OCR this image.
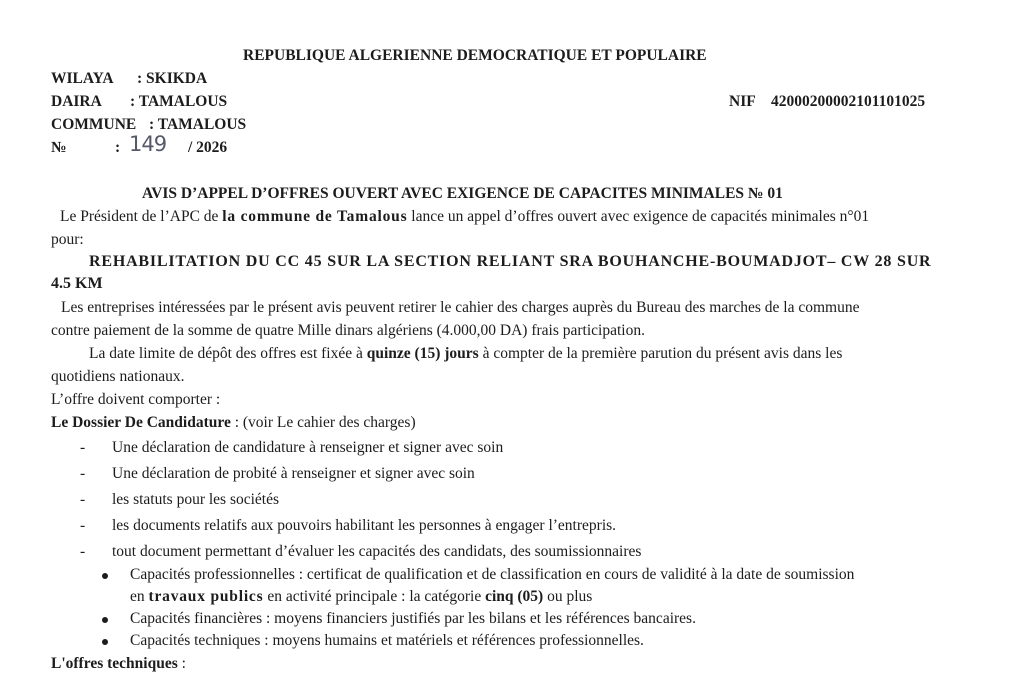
REPUBLIQUE ALGERIENNE DEMOCRATIQUE ET POPULAIRE
WILAYA : SKIKDA
DAIRA : TAMALOUS
COMMUNE : TAMALOUS
№	: 149 / 2026
NIF 42000200002101101025
AVIS D’APPEL D’OFFRES OUVERT AVEC EXIGENCE DE CAPACITES MINIMALES № 01
Le Président de l’APC de la commune de Tamalous lance un appel d’offres ouvert avec exigence de capacités minimales n°01
pour:
REHABILITATION DU CC 45 SUR LA SECTION RELIANT SRA BOUHANCHE-BOUMADJOT– CW 28 SUR
4.5 KM
Les entreprises intéressées par le présent avis peuvent retirer le cahier des charges auprès du Bureau des marches de la commune
contre paiement de la somme de quatre Mille dinars algériens (4.000,00 DA) frais participation.
La date limite de dépôt des offres est fixée à quinze (15) jours à compter de la première parution du présent avis dans les
quotidiens nationaux.
L’offre doivent comporter :
Le Dossier De Candidature : (voir Le cahier des charges)
- Une déclaration de candidature à renseigner et signer avec soin
- Une déclaration de probité à renseigner et signer avec soin
- les statuts pour les sociétés
- les documents relatifs aux pouvoirs habilitant les personnes à engager l’entrepris.
- tout document permettant d’évaluer les capacités des candidats, des soumissionnaires
Capacités professionnelles : certificat de qualification et de classification en cours de validité à la date de soumission
en travaux publics en activité principale : la catégorie cinq (05) ou plus
Capacités financières : moyens financiers justifiés par les bilans et les références bancaires.
Capacités techniques : moyens humains et matériels et références professionnelles.
L'offres techniques :
